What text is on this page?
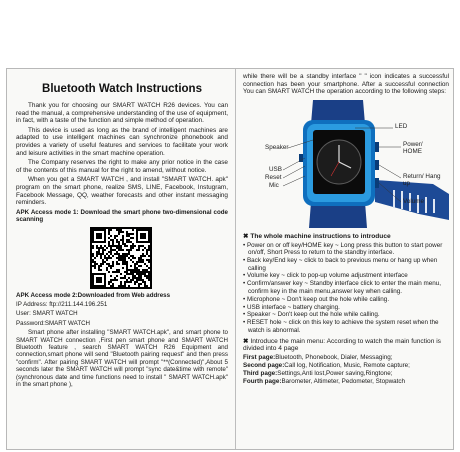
Bluetooth Watch Instructions

Thank you for choosing our SMART WATCH R26 devices. You can read the manual, a comprehensive understanding of the use of equipment, in fact, with a taste of the function and simple method of operation.

This device is used as long as the brand of intelligent machines are adapted to use intelligent machines can synchronize phonebook and provides a variety of useful features and services to facilitate your work and leisure activities in the smart machine operation.

The Company reserves the right to make any prior notice in the case of the contents of this manual for the right to amend, without notice.

When you get a SMART WATCH , and install "SMART WATCH. apk" program on the smart phone, realize SMS, LINE, Facebook, Instugram, Facebook Message, QQ, weather forecasts and other instant messaging reminders.

APK Access mode 1: Download the smart phone two-dimensional code scanning

APK Access mode 2:Downloaded from Web address

IP Address: ftp://211.144.196.251

User: SMART WATCH

Password:SMART WATCH

Smart phone after installing "SMART WATCH.apk", and smart phone to SMART WATCH connection ,First pen smart phone and SMART WATCH Bluetooth feature , search SMART WATCH R26 Equipment and connection,smart phone will send "Bluetooth pairing request" and then press "confirm". After pairing SMART WATCH will prompt "**(Connected)",About 5 seconds later the SMART WATCH will prompt "sync date&time with remote" (synchronous date and time functions need to install " SMART WATCH.apk" in the smart phone ),

while there will be a standby interface " " icon indicates a successful connection has been your smartphone. After a successful connection You can SMART WATCH the operation according to the following steps:

LED
Speaker
USB
Reset
Mic
Power/ HOME
Return/ Hang up
Volume
✖ The whole machine instructions to introduce
• Power on or off key/HOME key ~ Long press this button to start power on/off, Short Press to return to the standby interface.
• Back key/End key ~ click to back to previous menu or hang up when calling
• Volume key ~ click to pop-up volume adjustment interface
• Confirm/answer key ~ Standby interface click to enter the main menu, confirm key in the main menu,answer key when calling.
• Microphone ~ Don't keep out the hole while calling.
• USB interface ~ battery charging.
• Speaker ~ Don't keep out the hole while calling.
• RESET hole ~ click on this key to achieve the system reset when the watch is abnormal.
✖ Introduce the main menu: According to watch the main function is divided into 4 page
First page:Bluetooth, Phonebook, Dialer, Messaging;
Second page:Call log, Notification, Music, Remote capture;
Third page:Settings,Anti lost,Power saving,Ringtone;
Fourth page:Barometer, Altimeter, Pedometer, Stopwatch
